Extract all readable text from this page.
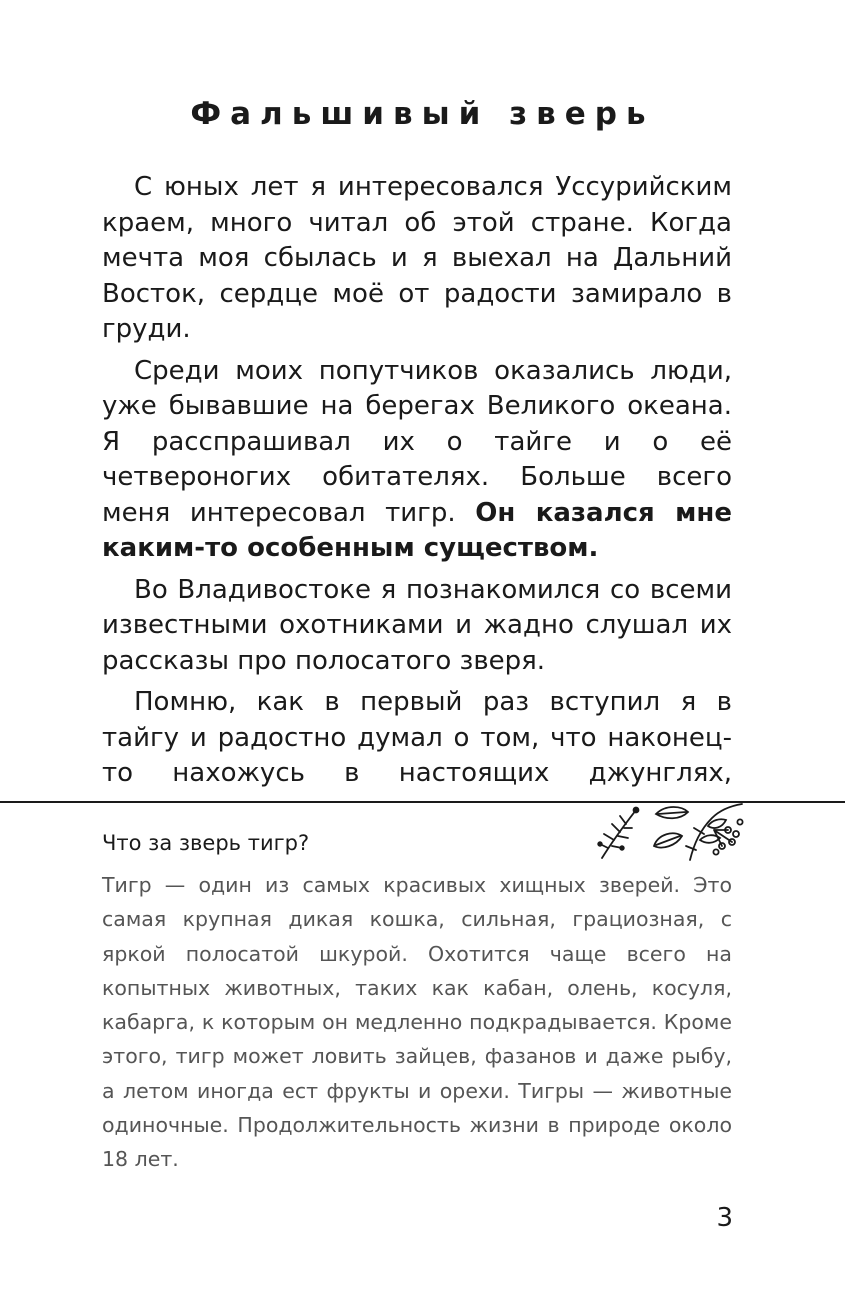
Фальшивый зверь

С юных лет я интересовался Уссурийским краем, много читал об этой стране. Когда мечта моя сбылась и я выехал на Дальний Восток, сердце моё от радости замирало в груди.

Среди моих попутчиков оказались люди, уже бывавшие на берегах Великого океана. Я расспрашивал их о тайге и о её четвероногих обитателях. Больше всего меня интересовал тигр. Он казался мне каким-то особенным существом.

Во Владивостоке я познакомился со всеми известными охотниками и жадно слушал их рассказы про полосатого зверя.

Помню, как в первый раз вступил я в тайгу и радостно думал о том, что наконец-то нахожусь в настоящих джунглях,

Что за зверь тигр?

Тигр — один из самых красивых хищных зверей. Это самая крупная дикая кошка, сильная, грациозная, с яркой полосатой шкурой. Охотится чаще всего на копытных животных, таких как кабан, олень, косуля, кабарга, к которым он медленно подкрадывается. Кроме этого, тигр может ловить зайцев, фазанов и даже рыбу, а летом иногда ест фрукты и орехи. Тигры — животные одиночные. Продолжительность жизни в природе около 18 лет.

3
